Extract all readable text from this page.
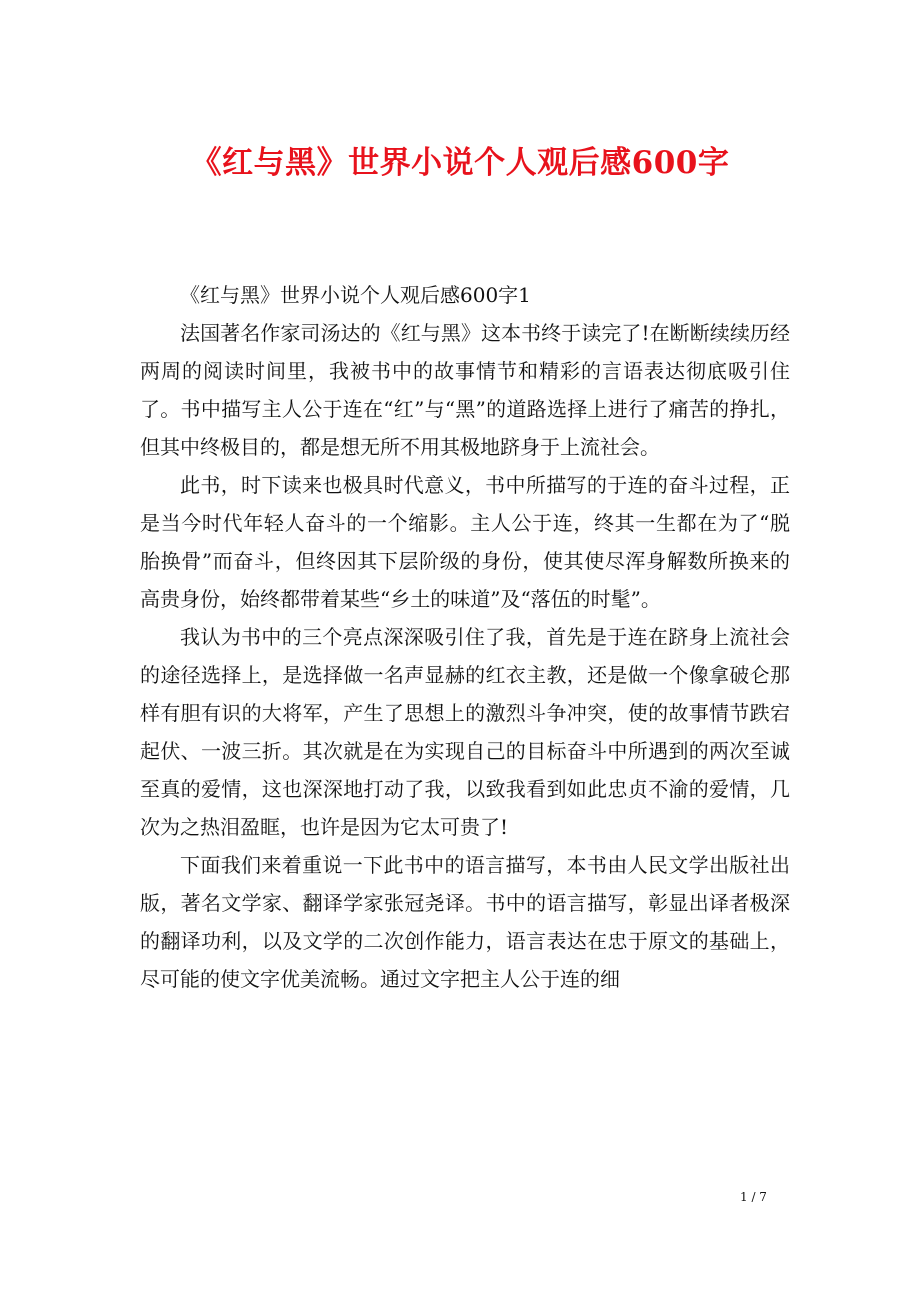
《红与黑》世界小说个人观后感600字

《红与黑》世界小说个人观后感600字1

法国著名作家司汤达的《红与黑》这本书终于读完了!在断断续续历经两周的阅读时间里，我被书中的故事情节和精彩的言语表达彻底吸引住了。书中描写主人公于连在“红”与“黑”的道路选择上进行了痛苦的挣扎，但其中终极目的，都是想无所不用其极地跻身于上流社会。

此书，时下读来也极具时代意义，书中所描写的于连的奋斗过程，正是当今时代年轻人奋斗的一个缩影。主人公于连，终其一生都在为了“脱胎换骨”而奋斗，但终因其下层阶级的身份，使其使尽浑身解数所换来的高贵身份，始终都带着某些“乡土的味道”及“落伍的时髦”。

我认为书中的三个亮点深深吸引住了我，首先是于连在跻身上流社会的途径选择上，是选择做一名声显赫的红衣主教，还是做一个像拿破仑那样有胆有识的大将军，产生了思想上的激烈斗争冲突，使的故事情节跌宕起伏、一波三折。其次就是在为实现自己的目标奋斗中所遇到的两次至诚至真的爱情，这也深深地打动了我，以致我看到如此忠贞不渝的爱情，几次为之热泪盈眶，也许是因为它太可贵了!

下面我们来着重说一下此书中的语言描写，本书由人民文学出版社出版，著名文学家、翻译学家张冠尧译。书中的语言描写，彰显出译者极深的翻译功利，以及文学的二次创作能力，语言表达在忠于原文的基础上，尽可能的使文字优美流畅。通过文字把主人公于连的细

1 / 7
